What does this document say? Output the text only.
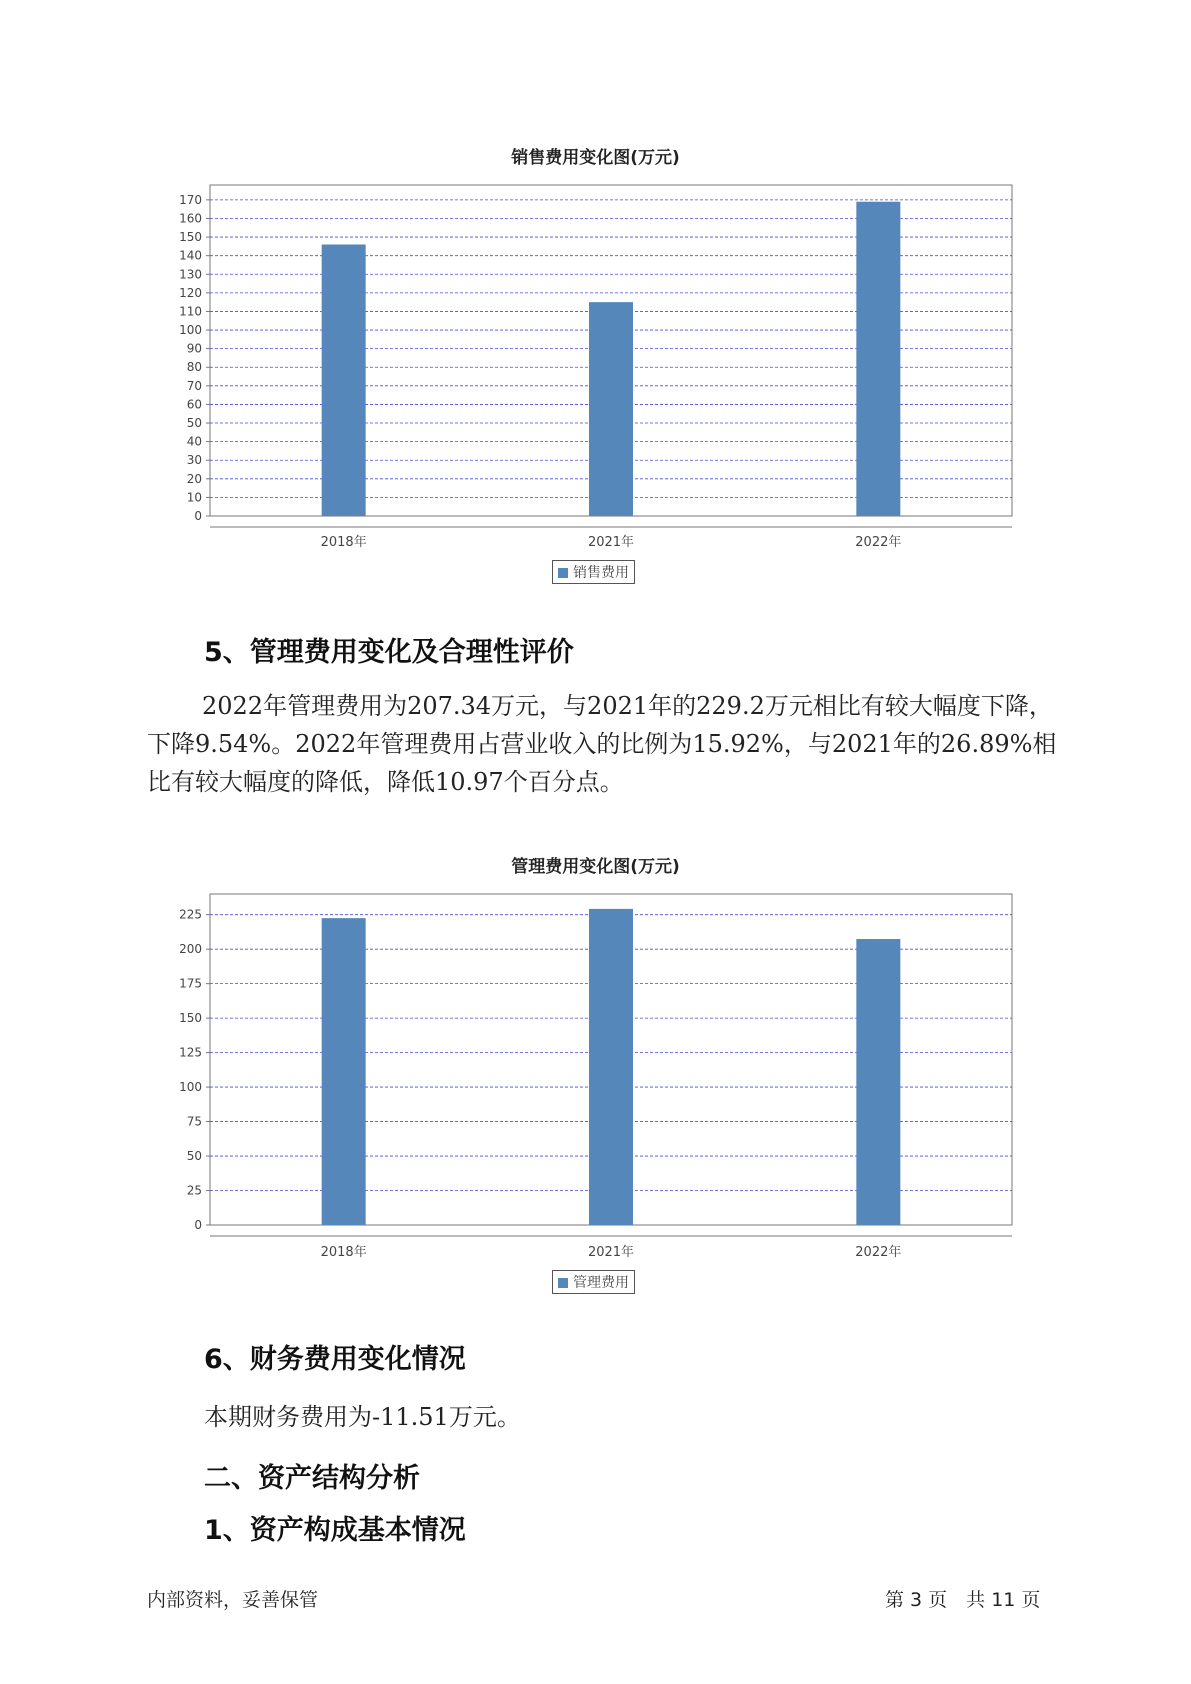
销售费用变化图(万元)
0
10
20
30
40
50
60
70
80
90
100
110
120
130
140
150
160
170
2018年	2021年	2022年
销售费用
5、管理费用变化及合理性评价

2022年管理费用为207.34万元，与2021年的229.2万元相比有较大幅度下降，下降9.54%。2022年管理费用占营业收入的比例为15.92%，与2021年的26.89%相比有较大幅度的降低，降低10.97个百分点。

管理费用变化图(万元)
0
25
50
75
100
125
150
175
200
225
2018年	2021年	2022年
管理费用
6、财务费用变化情况

本期财务费用为-11.51万元。

二、资产结构分析
1、资产构成基本情况
内部资料，妥善保管	第 3 页　共 11 页
